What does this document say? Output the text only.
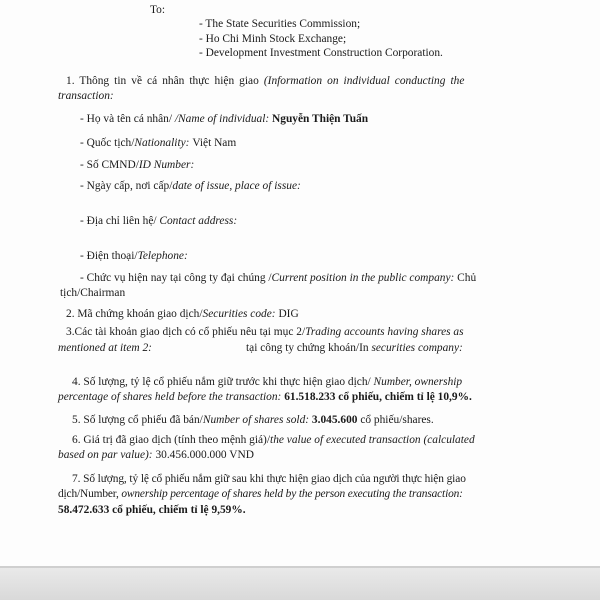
To:
- The State Securities Commission;
- Ho Chi Minh Stock Exchange;
- Development Investment Construction Corporation.
1. Thông tin về cá nhân thực hiện giao (Information on individual conducting the
transaction:
- Họ và tên cá nhân/ /Name of individual: Nguyễn Thiện Tuấn
- Quốc tịch/Nationality: Việt Nam
- Số CMND/ID Number:
- Ngày cấp, nơi cấp/date of issue, place of issue:
- Địa chỉ liên hệ/ Contact address:
- Điện thoại/Telephone:
- Chức vụ hiện nay tại công ty đại chúng /Current position in the public company: Chủ
tịch/Chairman
2. Mã chứng khoán giao dịch/Securities code: DIG
3.Các tài khoản giao dịch có cổ phiếu nêu tại mục 2/Trading accounts having shares as
mentioned at item 2:	tại công ty chứng khoán/In securities company:
4. Số lượng, tỷ lệ cổ phiếu nắm giữ trước khi thực hiện giao dịch/ Number, ownership
percentage of shares held before the transaction: 61.518.233 cổ phiếu, chiếm tỉ lệ 10,9%.
5. Số lượng cổ phiếu đã bán/Number of shares sold: 3.045.600 cổ phiếu/shares.
6. Giá trị đã giao dịch (tính theo mệnh giá)/the value of executed transaction (calculated
based on par value): 30.456.000.000 VND
7. Số lượng, tỷ lệ cổ phiếu nắm giữ sau khi thực hiện giao dịch của người thực hiện giao
dịch/Number, ownership percentage of shares held by the person executing the transaction:
58.472.633 cổ phiếu, chiếm tỉ lệ 9,59%.
